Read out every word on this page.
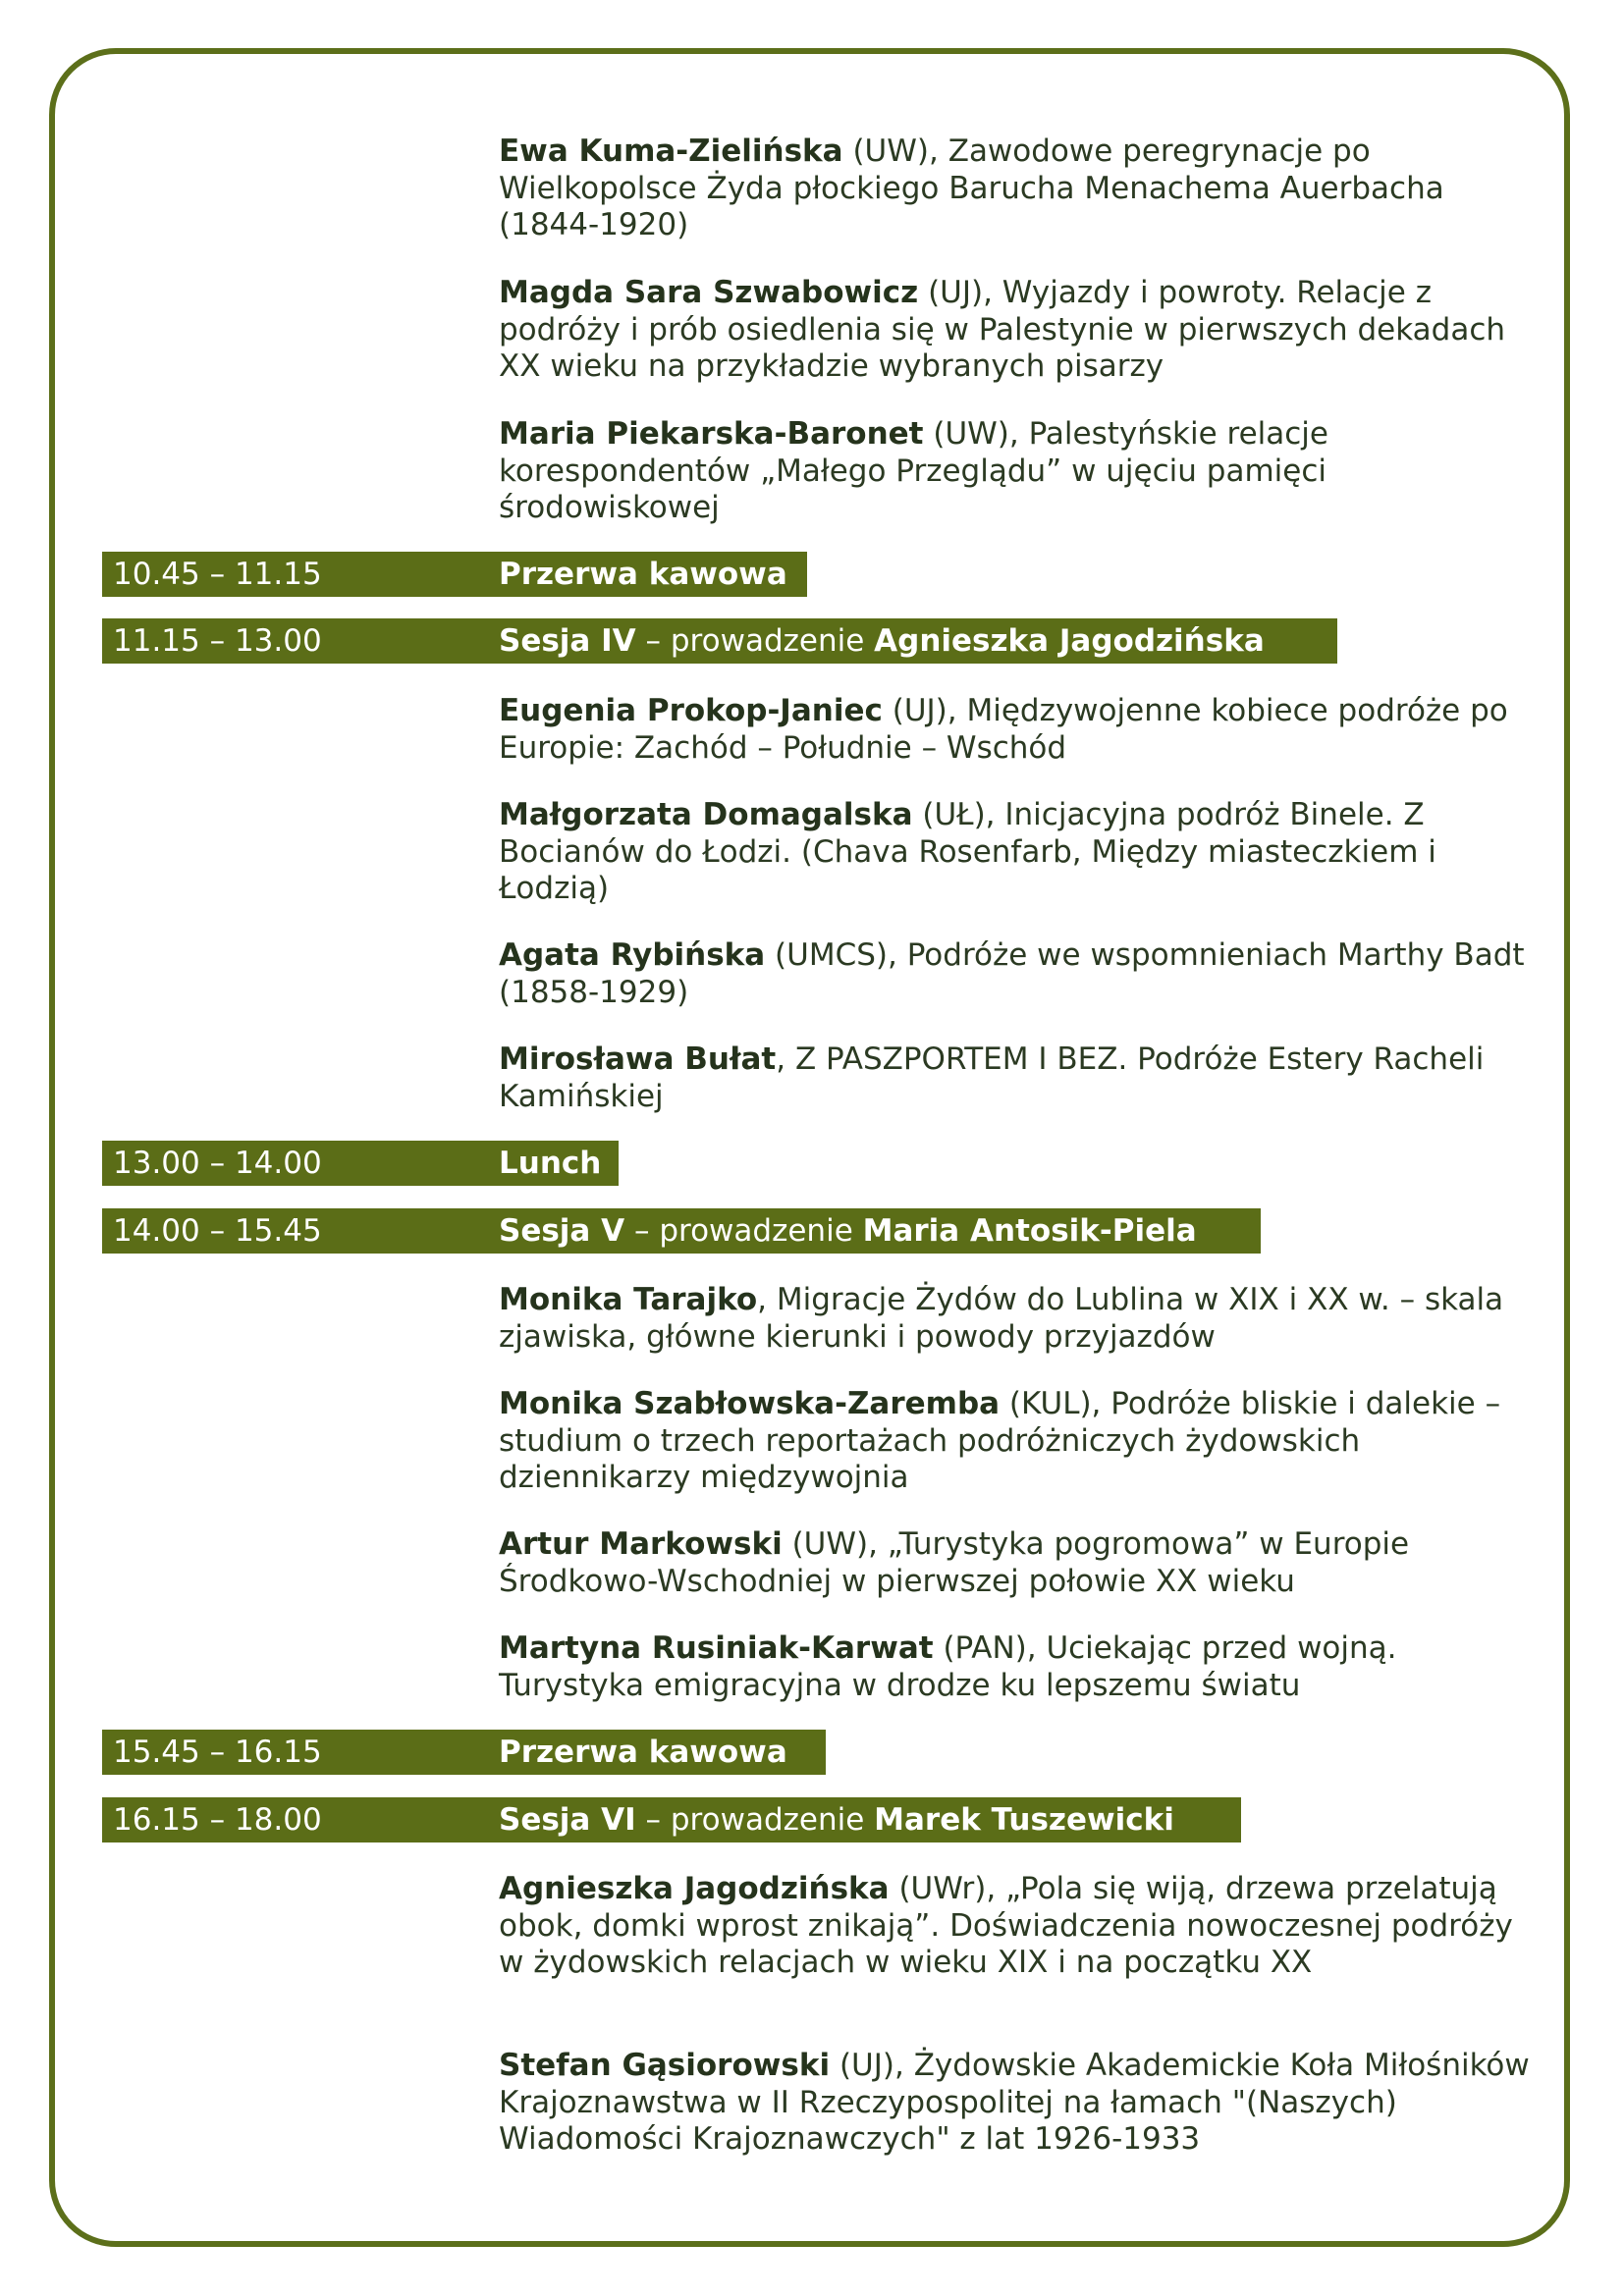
Ewa Kuma-Zielińska (UW), Zawodowe peregrynacje po Wielkopolsce Żyda płockiego Barucha Menachema Auerbacha (1844-1920)
Magda Sara Szwabowicz (UJ), Wyjazdy i powroty. Relacje z podróży i prób osiedlenia się w Palestynie w pierwszych dekadach XX wieku na przykładzie wybranych pisarzy
Maria Piekarska-Baronet (UW), Palestyńskie relacje korespondentów „Małego Przeglądu” w ujęciu pamięci środowiskowej
10.45 – 11.15	Przerwa kawowa
11.15 – 13.00	Sesja IV – prowadzenie Agnieszka Jagodzińska
Eugenia Prokop-Janiec (UJ), Międzywojenne kobiece podróże po Europie: Zachód – Południe – Wschód
Małgorzata Domagalska (UŁ), Inicjacyjna podróż Binele. Z Bocianów do Łodzi. (Chava Rosenfarb, Między miasteczkiem i Łodzią)
Agata Rybińska (UMCS), Podróże we wspomnieniach Marthy Badt (1858-1929)
Mirosława Bułat, Z PASZPORTEM I BEZ. Podróże Estery Racheli Kamińskiej
13.00 – 14.00	Lunch
14.00 – 15.45	Sesja V – prowadzenie Maria Antosik-Piela
Monika Tarajko, Migracje Żydów do Lublina w XIX i XX w. – skala zjawiska, główne kierunki i powody przyjazdów
Monika Szabłowska-Zaremba (KUL), Podróże bliskie i dalekie – studium o trzech reportażach podróżniczych żydowskich dziennikarzy międzywojnia
Artur Markowski (UW), „Turystyka pogromowa” w Europie Środkowo-Wschodniej w pierwszej połowie XX wieku
Martyna Rusiniak-Karwat (PAN), Uciekając przed wojną. Turystyka emigracyjna w drodze ku lepszemu światu
15.45 – 16.15	Przerwa kawowa
16.15 – 18.00	Sesja VI – prowadzenie Marek Tuszewicki
Agnieszka Jagodzińska (UWr), „Pola się wiją, drzewa przelatują obok, domki wprost znikają”. Doświadczenia nowoczesnej podróży w żydowskich relacjach w wieku XIX i na początku XX
Stefan Gąsiorowski (UJ), Żydowskie Akademickie Koła Miłośników Krajoznawstwa w II Rzeczypospolitej na łamach "(Naszych) Wiadomości Krajoznawczych" z lat 1926-1933
